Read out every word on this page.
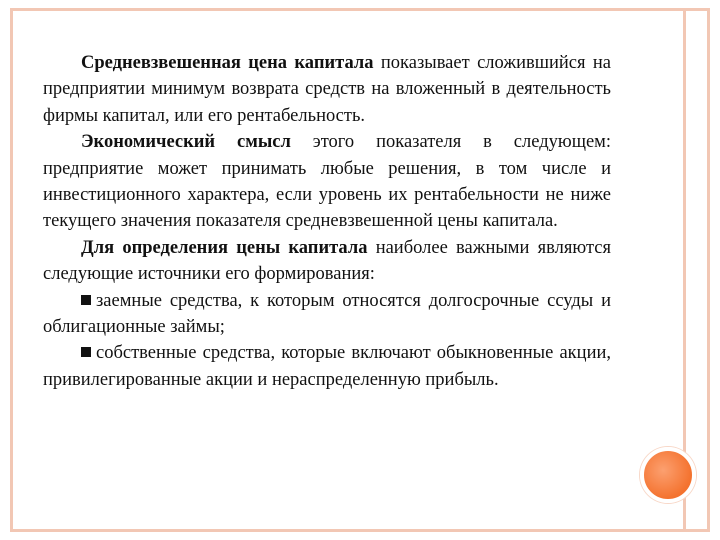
Средневзвешенная цена капитала показывает сложившийся на предприятии минимум возврата средств на вложенный в деятельность фирмы капитал, или его рентабельность.

Экономический смысл этого показателя в следующем: предприятие может принимать любые решения, в том числе и инвестиционного характера, если уровень их рентабельности не ниже текущего значения показателя средневзвешенной цены капитала.

Для определения цены капитала наиболее важными являются следующие источники его формирования:

заемные средства, к которым относятся долгосрочные ссуды и облигационные займы;

собственные средства, которые включают обыкновенные акции, привилегированные акции и нераспределенную прибыль.
